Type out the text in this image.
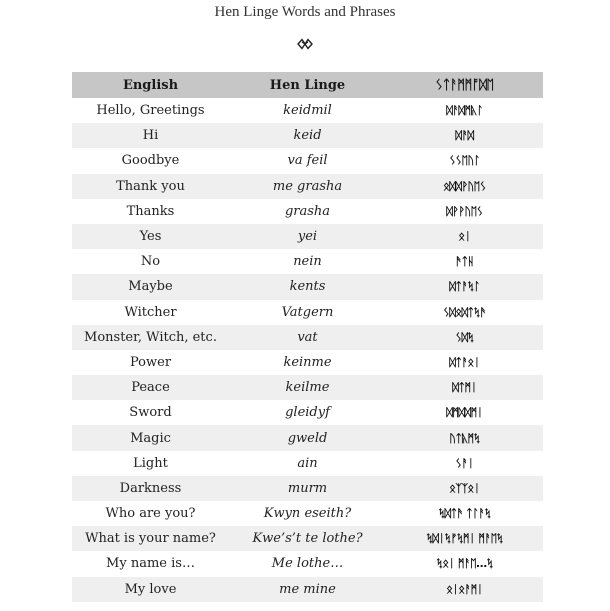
Hen Linge Words and Phrases
English	Hen Linge	ᛊᛏᚨᛗᛗᚩᛞᛖ
Hello, Greetings	keidmil	ᛞᚨᛞᛗᚣᛚ
Hi	keid	ᛞᚨᛞ
Goodbye	va feil	ᛊᛊᛖᚢᛚ
Thank you	me grasha	ᛟᛞᛞᚹᚢᛖᛊ
Thanks	grasha	ᛞᚹᚹᚢᛖᛊ
Yes	yei	ᛟᛁ
No	nein	ᚫᛏᚺ
Maybe	kents	ᛞᛏᚨᛪᛚ
Witcher	Vatgern	ᛊᛞᛟᛞᛏᛪᚫ
Monster, Witch, etc.	vat	ᛊᛞᛪ
Power	keinme	ᛞᛏᚨᛟᛁ
Peace	keilme	ᛞᛏᛗᛁ
Sword	gleidyf	ᛞᛗᛞᛞᛗᛁ
Magic	gweld	ᚢᛏᚣᛗᛪ
Light	ain	ᛊᚨᛁ
Darkness	murm	ᛟᛉᛉᛟᛁ
Who are you?	Kwyn eseith?	ᛪᛞᛏᚫ ᛏᛚᚨᛪ
What is your name?	Kwe’s’t te lothe?	ᛪᛞᛁᛪᚠᛪᛗᛁ ᛗᚨᛖᛪ
My name is…	Me lothe…	ᛪᛟᛁ ᛗᚨᛖ…ᛪ
My love	me mine	ᛟᛁᛟᚨᛗᛁ
